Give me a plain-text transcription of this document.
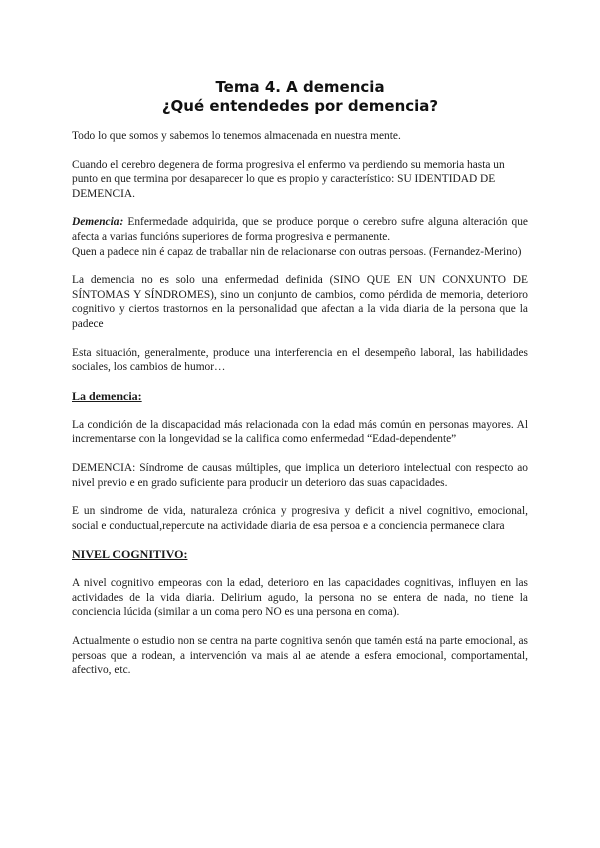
Tema 4. A demencia
¿Qué entendedes por demencia?

Todo lo que somos y sabemos lo tenemos almacenada en nuestra mente.

Cuando el cerebro degenera de forma progresiva el enfermo va perdiendo su memoria hasta un punto en que termina por desaparecer lo que es propio y característico: SU IDENTIDAD DE DEMENCIA.

Demencia: Enfermedade adquirida, que se produce porque o cerebro sufre alguna alteración que afecta a varias funcións superiores de forma progresiva e permanente.
Quen a padece nin é capaz de traballar nin de relacionarse con outras persoas. (Fernandez-Merino)

La demencia no es solo una enfermedad definida (SINO QUE EN UN CONXUNTO DE SÍNTOMAS Y SÍNDROMES), sino un conjunto de cambios, como pérdida de memoria, deterioro cognitivo y ciertos trastornos en la personalidad que afectan a la vida diaria de la persona que la padece

Esta situación, generalmente, produce una interferencia en el desempeño laboral, las habilidades sociales, los cambios de humor…

La demencia:

La condición de la discapacidad más relacionada con la edad más común en personas mayores. Al incrementarse con la longevidad se la califica como enfermedad “Edad-dependente”

DEMENCIA: Síndrome de causas múltiples, que implica un deterioro intelectual con respecto ao nivel previo e en grado suficiente para producir un deterioro das suas capacidades.

E un sindrome de vida, naturaleza crónica y progresiva y deficit a nivel cognitivo, emocional, social e conductual,repercute na actividade diaria de esa persoa e a conciencia permanece clara

NIVEL COGNITIVO:

A nivel cognitivo empeoras con la edad, deterioro en las capacidades cognitivas, influyen en las actividades de la vida diaria. Delirium agudo, la persona no se entera de nada, no tiene la conciencia lúcida (similar a un coma pero NO es una persona en coma).

Actualmente o estudio non se centra na parte cognitiva senón que tamén está na parte emocional, as persoas que a rodean, a intervención va mais al ae atende a esfera emocional, comportamental, afectivo, etc.
